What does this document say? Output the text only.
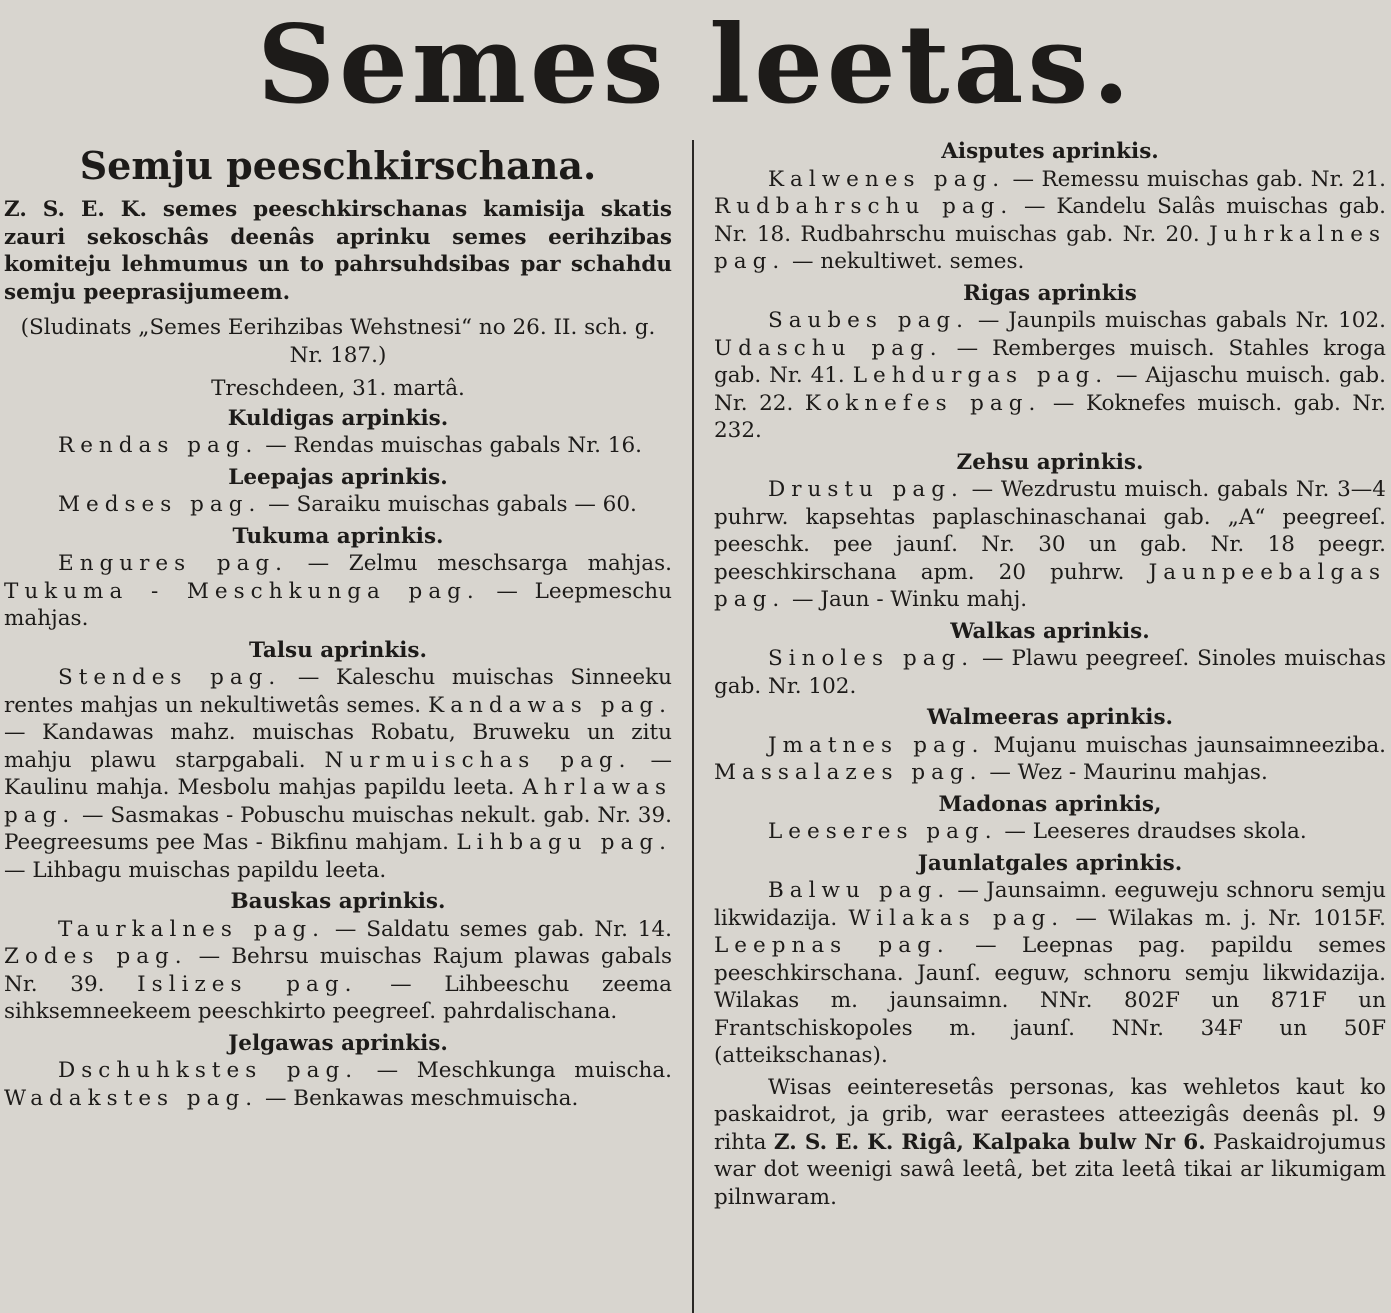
Semes leetas.
Semju peeschkirschana.
Z. S. E. K. semes peeschkirschanas kamisija skatis zauri sekoschâs deenâs aprinku semes eerihzibas komiteju lehmumus un to pahrsuhdsibas par schahdu semju peeprasijumeem.
(Sludinats „Semes Eerihzibas Wehstnesi“ no 26. II. sch. g. Nr. 187.)
Treschdeen, 31. martâ.
Kuldigas arpinkis.
Rendas pag. — Rendas muischas gabals Nr. 16.
Leepajas aprinkis.
Medses pag. — Saraiku muischas gabals — 60.
Tukuma aprinkis.
Engures pag. — Zelmu meschsarga mahjas. Tukuma - Meschkunga pag. — Leepmeschu mahjas.
Talsu aprinkis.
Stendes pag. — Kaleschu muischas Sinneeku rentes mahjas un nekultiwetâs semes. Kandawas pag. — Kandawas mahz. muischas Robatu, Bruweku un zitu mahju plawu starpgabali. Nurmuischas pag. — Kaulinu mahja. Mesbolu mahjas papildu leeta. Ahrlawas pag. — Sasmakas - Pobuschu muischas nekult. gab. Nr. 39. Peegreesums pee Mas - Bikfinu mahjam. Lihbagu pag. — Lihbagu muischas papildu leeta.
Bauskas aprinkis.
Taurkalnes pag. — Saldatu semes gab. Nr. 14. Zodes pag. — Behrsu muischas Rajum plawas gabals Nr. 39. Islizes pag. — Lihbeeschu zeema sihksemneekeem peeschkirto peegreeſ. pahrdalischana.
Jelgawas aprinkis.
Dschuhkstes pag. — Meschkunga muischa. Wadakstes pag. — Benkawas meschmuischa.
Aisputes aprinkis.
Kalwenes pag. — Remessu muischas gab. Nr. 21. Rudbahrschu pag. — Kandelu Salâs muischas gab. Nr. 18. Rudbahrschu muischas gab. Nr. 20. Juhrkalnes pag. — nekultiwet. semes.
Rigas aprinkis
Saubes pag. — Jaunpils muischas gabals Nr. 102. Udaschu pag. — Remberges muisch. Stahles kroga gab. Nr. 41. Lehdurgas pag. — Aijaschu muisch. gab. Nr. 22. Koknefes pag. — Koknefes muisch. gab. Nr. 232.
Zehsu aprinkis.
Drustu pag. — Wezdrustu muisch. gabals Nr. 3—4 puhrw. kapsehtas paplaschinaschanai gab. „A“ peegreeſ. peeschk. pee jaunſ. Nr. 30 un gab. Nr. 18 peegr. peeschkirschana apm. 20 puhrw. Jaunpeebalgas pag. — Jaun - Winku mahj.
Walkas aprinkis.
Sinoles pag. — Plawu peegreeſ. Sinoles muischas gab. Nr. 102.
Walmeeras aprinkis.
Jmatnes pag. Mujanu muischas jaunsaimneeziba. Massalazes pag. — Wez - Maurinu mahjas.
Madonas aprinkis,
Leeseres pag. — Leeseres draudses skola.
Jaunlatgales aprinkis.
Balwu pag. — Jaunsaimn. eeguweju schnoru semju likwidazija. Wilakas pag. — Wilakas m. j. Nr. 1015F. Leepnas pag. — Leepnas pag. papildu semes peeschkirschana. Jaunſ. eeguw, schnoru semju likwidazija. Wilakas m. jaunsaimn. NNr. 802F un 871F un Frantschiskopoles m. jaunſ. NNr. 34F un 50F (atteikschanas).
Wisas eeinteresetâs personas, kas wehletos kaut ko paskaidrot, ja grib, war eerastees atteezigâs deenâs pl. 9 rihta Z. S. E. K. Rigâ, Kalpaka bulw Nr 6. Paskaidrojumus war dot weenigi sawâ leetâ, bet zita leetâ tikai ar likumigam pilnwaram.
